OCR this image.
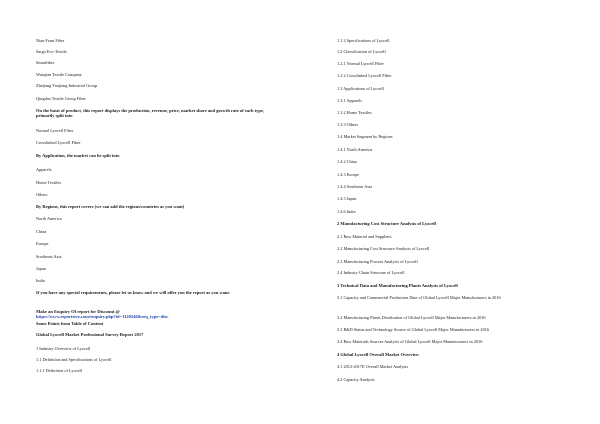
Nian Foun Fiber
Sarga Eco-Textile
Smartfiber
Watajian Textile Company
Zhejiang Yaojiang Industrial Group
Qingdao Textile Group Fiber
On the basis of product, this report displays the production, revenue, price, market share and growth rate of each type, primarily split into
Normal Lyocell Fiber
Crosslinked Lyocell Fiber
By Application, the market can be split into
Apparels
Home Textiles
Others
By Regions, this report covers (we can add the regions/countries as you want)
North America
China
Europe
Southeast Asia
Japan
India
If you have any special requirements, please let us know and we will offer you the report as you want.
Make an Enquiry Of report for Discount @
https://www.reportsive.com/enquiry.php?id=1120540&req_type=disc
Some Points from Table of Content
Global Lyocell Market Professional Survey Report 2017
1 Industry Overview of Lyocell
1.1 Definition and Specifications of Lyocell
1.1.1 Definition of Lyocell
1.1.2 Specifications of Lyocell
1.2 Classification of Lyocell
1.2.1 Normal Lyocell Fiber
1.2.2 Crosslinked Lyocell Fiber
1.3 Applications of Lyocell
1.3.1 Apparels
1.3.2 Home Textiles
1.3.3 Others
1.4 Market Segment by Regions
1.4.1 North America
1.4.2 China
1.4.3 Europe
1.4.4 Southeast Asia
1.4.5 Japan
1.4.6 India
2 Manufacturing Cost Structure Analysis of Lyocell
2.1 Raw Material and Suppliers
2.2 Manufacturing Cost Structure Analysis of Lyocell
2.3 Manufacturing Process Analysis of Lyocell
2.4 Industry Chain Structure of Lyocell
3 Technical Data and Manufacturing Plants Analysis of Lyocell
3.1 Capacity and Commercial Production Date of Global Lyocell Major Manufacturers in 2016
3.2 Manufacturing Plants Distribution of Global Lyocell Major Manufacturers in 2016
3.3 R&D Status and Technology Source of Global Lyocell Major Manufacturers in 2016
3.4 Raw Materials Sources Analysis of Global Lyocell Major Manufacturers in 2016
4 Global Lyocell Overall Market Overview
4.1 2012-2017E Overall Market Analysis
4.2 Capacity Analysis
